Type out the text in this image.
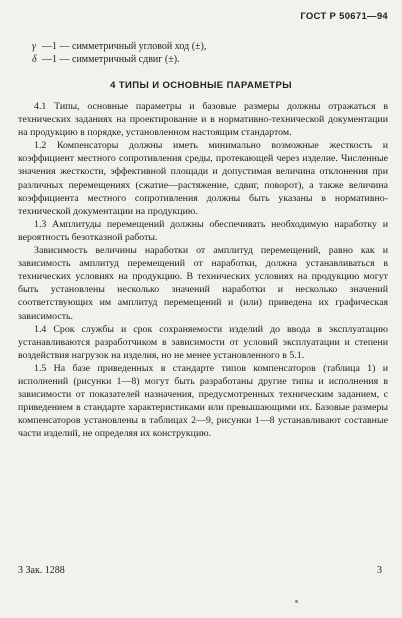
ГОСТ Р 50671—94
γ —1 — симметричный угловой ход (±),
δ —1 — симметричный сдвиг (±).
4 ТИПЫ И ОСНОВНЫЕ ПАРАМЕТРЫ

4.1 Типы, основные параметры и базовые размеры должны отражаться в технических заданиях на проектирование и в нормативно-технической документации на продукцию в порядке, установленном настоящим стандартом.

1.2 Компенсаторы должны иметь минимально возможные жесткость и коэффициент местного сопротивления среды, протекающей через изделие. Численные значения жесткости, эффективной площади и допустимая величина отклонения при различных перемещениях (сжатие—растяжение, сдвиг, поворот), а также величина коэффициента местного сопротивления должны быть указаны в нормативно-технической документации на продукцию.

1.3 Амплитуды перемещений должны обеспечивать необходимую наработку и вероятность безотказной работы.

Зависимость величины наработки от амплитуд перемещений, равно как и зависимость амплитуд перемещений от наработки, должна устанавливаться в технических условиях на продукцию. В технических условиях на продукцию могут быть установлены несколько значений наработки и несколько значений соответствующих им амплитуд перемещений и (или) приведена их графическая зависимость.

1.4 Срок службы и срок сохраняемости изделий до ввода в эксплуатацию устанавливаются разработчиком в зависимости от условий эксплуатации и степени воздействия нагрузок на изделия, но не менее установленного в 5.1.

1.5 На базе приведенных в стандарте типов компенсаторов (таблица 1) и исполнений (рисунки 1—8) могут быть разработаны другие типы и исполнения в зависимости от показателей назначения, предусмотренных техническим заданием, с приведением в стандарте характеристиками или превышающими их. Базовые размеры компенсаторов установлены в таблицах 2—9, рисунки 1—8 устанавливают составные части изделий, не определяя их конструкцию.

3 Зак. 1288	3
